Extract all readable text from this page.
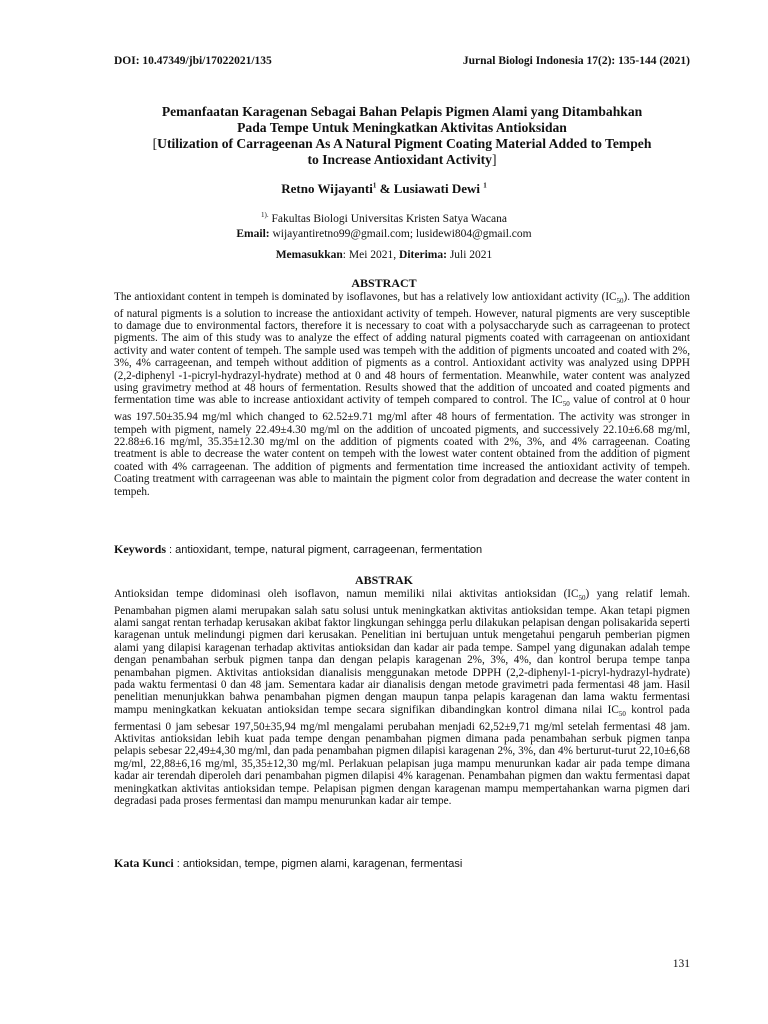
DOI: 10.47349/jbi/17022021/135	Jurnal Biologi Indonesia 17(2): 135-144 (2021)
Pemanfaatan Karagenan Sebagai Bahan Pelapis Pigmen Alami yang Ditambahkan
Pada Tempe Untuk Meningkatkan Aktivitas Antioksidan
[Utilization of Carrageenan As A Natural Pigment Coating Material Added to Tempeh
to Increase Antioxidant Activity]
Retno Wijayanti$^1$ & Lusiawati Dewi $^1$
$^{1).}$ Fakultas Biologi Universitas Kristen Satya Wacana
Email: wijayantiretno99@gmail.com; lusidewi804@gmail.com
Memasukkan: Mei 2021, Diterima: Juli 2021
ABSTRACT
The antioxidant content in tempeh is dominated by isoflavones, but has a relatively low antioxidant activity $(IC_{50})$. The addition of natural pigments is a solution to increase the antioxidant activity of tempeh. However, natural pigments are very susceptible to damage due to environmental factors, therefore it is necessary to coat with a polysaccharyde such as carrageenan to protect pigments. The aim of this study was to analyze the effect of adding natural pigments coated with carrageenan on antioxidant activity and water content of tempeh. The sample used was tempeh with the addition of pigments uncoated and coated with 2%, 3%, 4% carrageenan, and tempeh without addition of pigments as a control. Antioxidant activity was analyzed using DPPH (2,2-diphenyl -1-picryl-hydrazyl-hydrate) method at 0 and 48 hours of fermentation. Meanwhile, water content was analyzed using gravimetry method at 48 hours of fermentation. Results showed that the addition of uncoated and coated pigments and fermentation time was able to increase antioxidant activity of tempeh compared to control. The $IC_{50}$ value of control at 0 hour was 197.50±35.94 mg/ml which changed to 62.52±9.71 mg/ml after 48 hours of fermentation. The activity was stronger in tempeh with pigment, namely 22.49±4.30 mg/ml on the addition of uncoated pigments, and successively 22.10±6.68 mg/ml, 22.88±6.16 mg/ml, 35.35±12.30 mg/ml on the addition of pigments coated with 2%, 3%, and 4% carrageenan. Coating treatment is able to decrease the water content on tempeh with the lowest water content obtained from the addition of pigment coated with 4% carrageenan. The addition of pigments and fermentation time increased the antioxidant activity of tempeh. Coating treatment with carrageenan was able to maintain the pigment color from degradation and decrease the water content in tempeh.
Keywords : antioxidant, tempe, natural pigment, carrageenan, fermentation
ABSTRAK
Antioksidan tempe didominasi oleh isoflavon, namun memiliki nilai aktivitas antioksidan $(IC_{50})$ yang relatif lemah. Penambahan pigmen alami merupakan salah satu solusi untuk meningkatkan aktivitas antioksidan tempe. Akan tetapi pigmen alami sangat rentan terhadap kerusakan akibat faktor lingkungan sehingga perlu dilakukan pelapisan dengan polisakarida seperti karagenan untuk melindungi pigmen dari kerusakan. Penelitian ini bertujuan untuk mengetahui pengaruh pemberian pigmen alami yang dilapisi karagenan terhadap aktivitas antioksidan dan kadar air pada tempe. Sampel yang digunakan adalah tempe dengan penambahan serbuk pigmen tanpa dan dengan pelapis karagenan 2%, 3%, 4%, dan kontrol berupa tempe tanpa penambahan pigmen. Aktivitas antioksidan dianalisis menggunakan metode DPPH (2,2-diphenyl-1-picryl-hydrazyl-hydrate) pada waktu fermentasi 0 dan 48 jam. Sementara kadar air dianalisis dengan metode gravimetri pada fermentasi 48 jam. Hasil penelitian menunjukkan bahwa penambahan pigmen dengan maupun tanpa pelapis karagenan dan lama waktu fermentasi mampu meningkatkan kekuatan antioksidan tempe secara signifikan dibandingkan kontrol dimana nilai $IC_{50}$ kontrol pada fermentasi 0 jam sebesar 197,50±35,94 mg/ml mengalami perubahan menjadi 62,52±9,71 mg/ml setelah fermentasi 48 jam. Aktivitas antioksidan lebih kuat pada tempe dengan penambahan pigmen dimana pada penambahan serbuk pigmen tanpa pelapis sebesar 22,49±4,30 mg/ml, dan pada penambahan pigmen dilapisi karagenan 2%, 3%, dan 4% berturut-turut 22,10±6,68 mg/ml, 22,88±6,16 mg/ml, 35,35±12,30 mg/ml. Perlakuan pelapisan juga mampu menurunkan kadar air pada tempe dimana kadar air terendah diperoleh dari penambahan pigmen dilapisi 4% karagenan. Penambahan pigmen dan waktu fermentasi dapat meningkatkan aktivitas antioksidan tempe. Pelapisan pigmen dengan karagenan mampu mempertahankan warna pigmen dari degradasi pada proses fermentasi dan mampu menurunkan kadar air tempe.
Kata Kunci : antioksidan, tempe, pigmen alami, karagenan, fermentasi
131
